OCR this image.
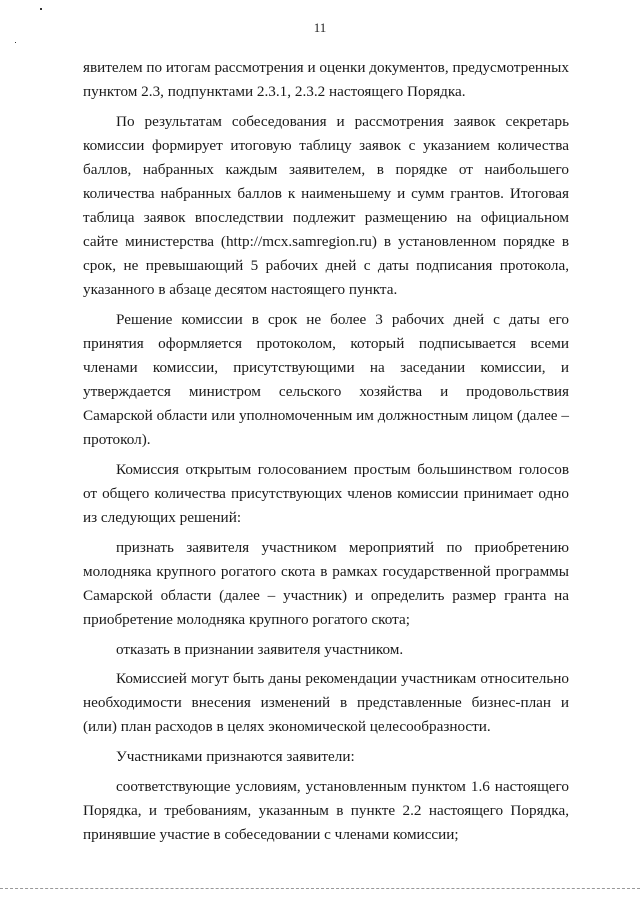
11

явителем по итогам рассмотрения и оценки документов, предусмотренных пунктом 2.3, подпунктами 2.3.1, 2.3.2 настоящего Порядка.

По результатам собеседования и рассмотрения заявок секретарь комиссии формирует итоговую таблицу заявок с указанием количества баллов, набранных каждым заявителем, в порядке от наибольшего количества набранных баллов к наименьшему и сумм грантов. Итоговая таблица заявок впоследствии подлежит размещению на официальном сайте министерства (http://mcx.samregion.ru) в установленном порядке в срок, не превышающий 5 рабочих дней с даты подписания протокола, указанного в абзаце десятом настоящего пункта.

Решение комиссии в срок не более 3 рабочих дней с даты его принятия оформляется протоколом, который подписывается всеми членами комиссии, присутствующими на заседании комиссии, и утверждается министром сельского хозяйства и продовольствия Самарской области или уполномоченным им должностным лицом (далее – протокол).

Комиссия открытым голосованием простым большинством голосов от общего количества присутствующих членов комиссии принимает одно из следующих решений:

признать заявителя участником мероприятий по приобретению молодняка крупного рогатого скота в рамках государственной программы Самарской области (далее – участник) и определить размер гранта на приобретение молодняка крупного рогатого скота;

отказать в признании заявителя участником.

Комиссией могут быть даны рекомендации участникам относительно необходимости внесения изменений в представленные бизнес-план и (или) план расходов в целях экономической целесообразности.

Участниками признаются заявители:

соответствующие условиям, установленным пунктом 1.6 настоящего Порядка, и требованиям, указанным в пункте 2.2 настоящего Порядка, принявшие участие в собеседовании с членами комиссии;
